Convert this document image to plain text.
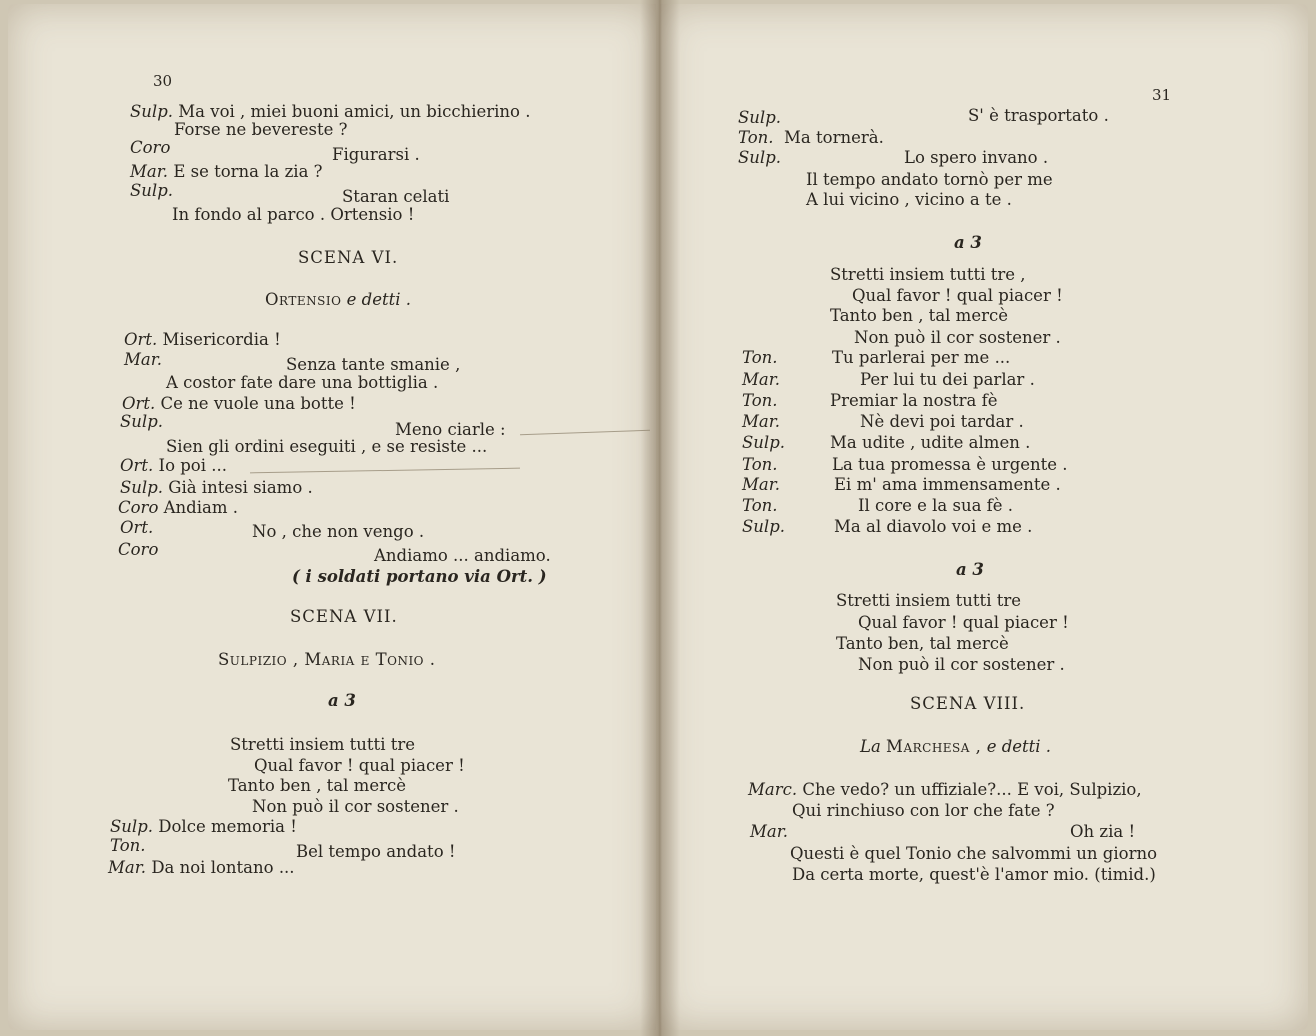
30
Sulp. Ma voi , miei buoni amici, un bicchierino .
Forse ne bevereste ?
Coro	Figurarsi .
Mar. E se torna la zia ?
Sulp.	Staran celati
In fondo al parco . Ortensio !
SCENA VI.
Ortensio e detti .
Ort. Misericordia !
Mar.	Senza tante smanie ,
A costor fate dare una bottiglia .
Ort. Ce ne vuole una botte !
Sulp.	Meno ciarle :
Sien gli ordini eseguiti , e se resiste ...
Ort. Io poi ...
Sulp. Già intesi siamo .
Coro Andiam .
Ort.	No , che non vengo .
Coro	Andiamo ... andiamo.
( i soldati portano via Ort. )
SCENA VII.
Sulpizio , Maria e Tonio .
a 3
Stretti insiem tutti tre
Qual favor ! qual piacer !
Tanto ben , tal mercè
Non può il cor sostener .
Sulp. Dolce memoria !
Ton.	Bel tempo andato !
Mar. Da noi lontano ...
31
Sulp.	S' è trasportato .
Ton. Ma tornerà.
Sulp.	Lo spero invano .
Il tempo andato tornò per me
A lui vicino , vicino a te .
a 3
Stretti insiem tutti tre ,
Qual favor ! qual piacer !
Tanto ben , tal mercè
Non può il cor sostener .
Ton.	Tu parlerai per me ...
Mar.	Per lui tu dei parlar .
Ton.	Premiar la nostra fè
Mar.	Nè devi poi tardar .
Sulp.	Ma udite , udite almen .
Ton.	La tua promessa è urgente .
Mar.	Ei m' ama immensamente .
Ton.	Il core e la sua fè .
Sulp.	Ma al diavolo voi e me .
a 3
Stretti insiem tutti tre
Qual favor ! qual piacer !
Tanto ben, tal mercè
Non può il cor sostener .
SCENA VIII.
La Marchesa , e detti .
Marc. Che vedo? un uffiziale?... E voi, Sulpizio,
Qui rinchiuso con lor che fate ?
Mar.	Oh zia !
Questi è quel Tonio che salvommi un giorno
Da certa morte, quest'è l'amor mio. (timid.)
